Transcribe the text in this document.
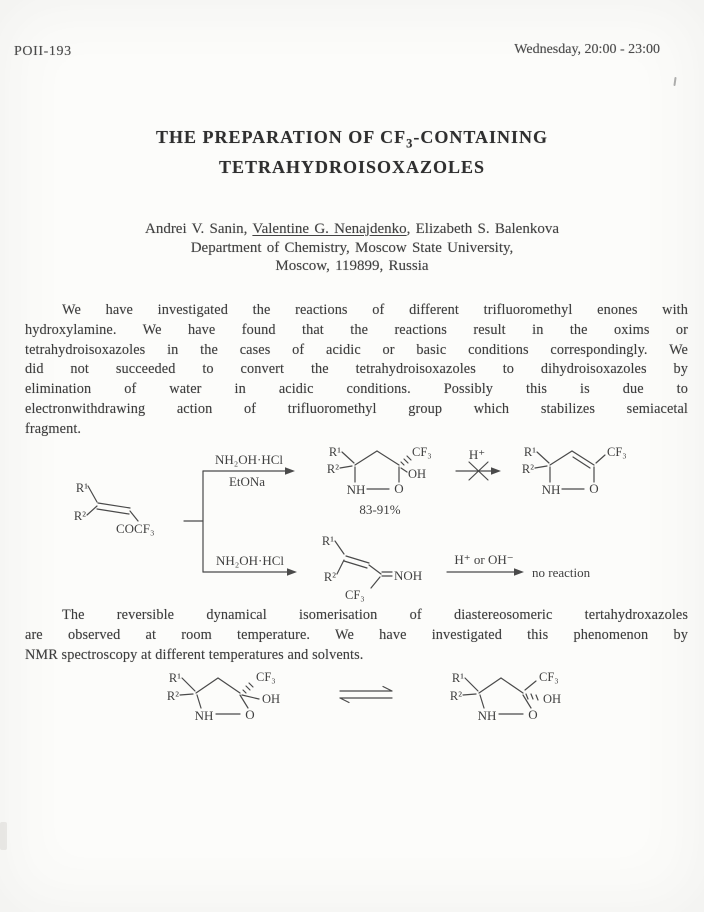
POII-193	Wednesday, 20:00 - 23:00
THE PREPARATION OF $CF_3$-CONTAINING
TETRAHYDROISOXAZOLES
Andrei V. Sanin, Valentine G. Nenajdenko, Elizabeth S. Balenkova
Department of Chemistry, Moscow State University,
Moscow, 119899, Russia
We have investigated the reactions of different trifluoromethyl enones with
hydroxylamine. We have found that the reactions result in the oxims or
tetrahydroisoxazoles in the cases of acidic or basic conditions correspondingly. We
did not succeeded to convert the tetrahydroisoxazoles to dihydroisoxazoles by
elimination of water in acidic conditions. Possibly this is due to
electronwithdrawing action of trifluoromethyl group which stabilizes semiacetal
fragment.
R¹
R²
COCF₃
NH₂OH·HCl
EtONa
R¹
R²
NH O
CF₃
OH
83-91%
H⁺	R¹
R²
NH O
CF₃
NH₂OH·HCl
R¹
R²	NOH
CF₃
H⁺ or OH⁻
no reaction
The reversible dynamical isomerisation of diastereosomeric tertahydroxazoles
are observed at room temperature. We have investigated this phenomenon by
NMR spectroscopy at different temperatures and solvents.
R¹
R²
NH O
CF₃
OH
R¹
R²
NH O
CF₃
OH
